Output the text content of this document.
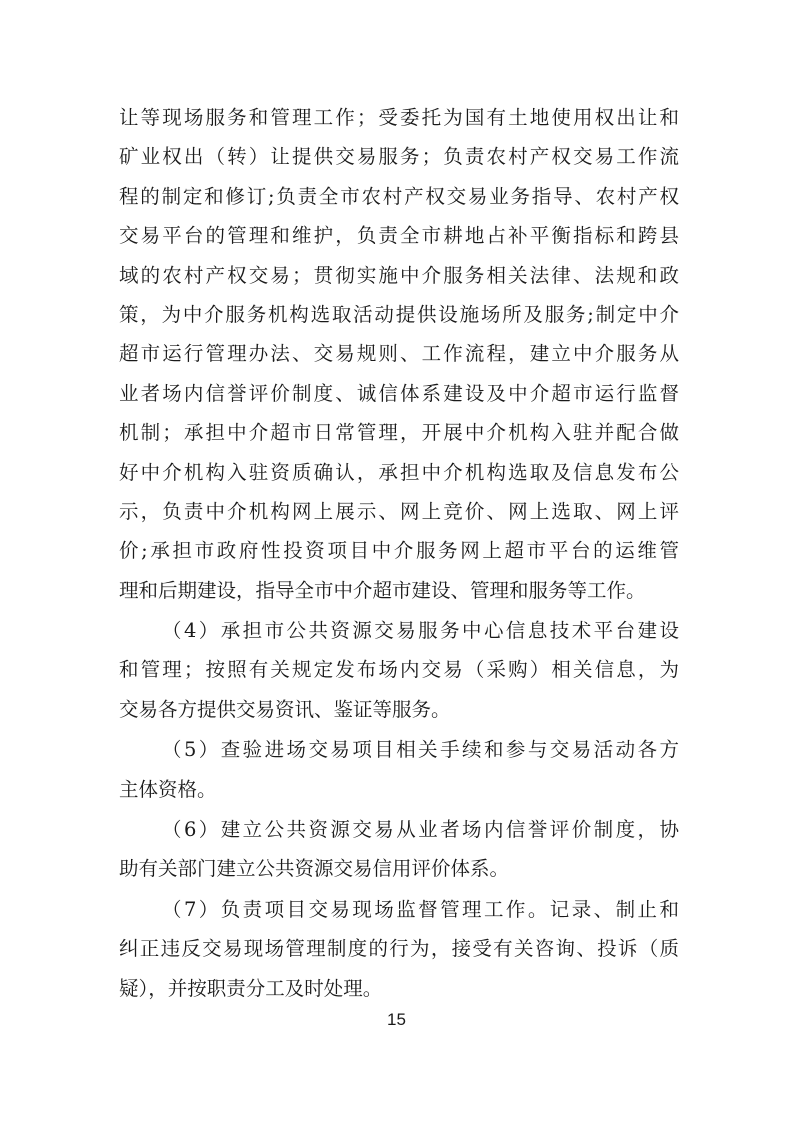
让等现场服务和管理工作；受委托为国有土地使用权出让和
矿业权出（转）让提供交易服务；负责农村产权交易工作流
程的制定和修订;负责全市农村产权交易业务指导、农村产权
交易平台的管理和维护，负责全市耕地占补平衡指标和跨县
域的农村产权交易；贯彻实施中介服务相关法律、法规和政
策，为中介服务机构选取活动提供设施场所及服务;制定中介
超市运行管理办法、交易规则、工作流程，建立中介服务从
业者场内信誉评价制度、诚信体系建设及中介超市运行监督
机制；承担中介超市日常管理，开展中介机构入驻并配合做
好中介机构入驻资质确认，承担中介机构选取及信息发布公
示，负责中介机构网上展示、网上竞价、网上选取、网上评
价;承担市政府性投资项目中介服务网上超市平台的运维管
理和后期建设，指导全市中介超市建设、管理和服务等工作。
（4）承担市公共资源交易服务中心信息技术平台建设
和管理；按照有关规定发布场内交易（采购）相关信息，为
交易各方提供交易资讯、鉴证等服务。
（5）查验进场交易项目相关手续和参与交易活动各方
主体资格。
（6）建立公共资源交易从业者场内信誉评价制度，协
助有关部门建立公共资源交易信用评价体系。
（7）负责项目交易现场监督管理工作。记录、制止和
纠正违反交易现场管理制度的行为，接受有关咨询、投诉（质
疑），并按职责分工及时处理。
15
